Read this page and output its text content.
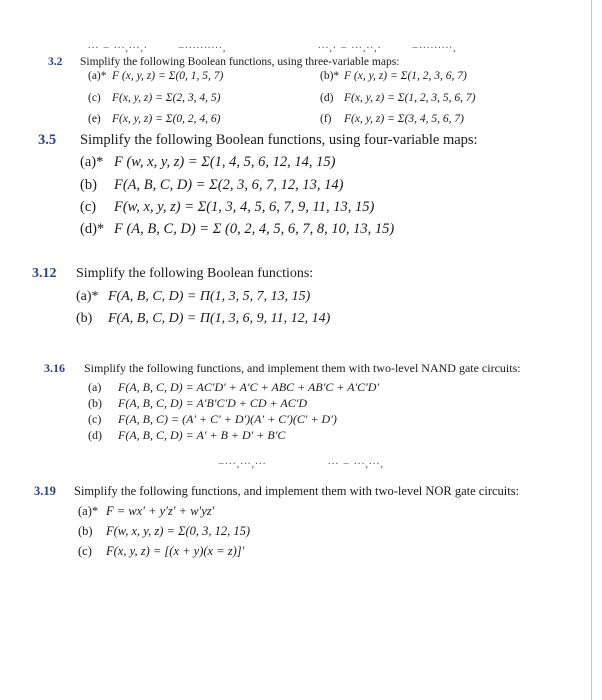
∙∙∙ − ∙∙∙,∙∙∙,∙	−∙∙∙∙∙∙∙∙∙∙,	∙∙∙,∙ − ∙∙∙,∙∙,∙	−∙∙∙∙∙∙∙∙∙,
3.2 Simplify the following Boolean functions, using three-variable maps:
(a)* F (x, y, z) = Σ(0, 1, 5, 7)	(b)* F (x, y, z) = Σ(1, 2, 3, 6, 7)
(c) F(x, y, z) = Σ(2, 3, 4, 5)	(d) F(x, y, z) = Σ(1, 2, 3, 5, 6, 7)
(e) F(x, y, z) = Σ(0, 2, 4, 6)	(f) F(x, y, z) = Σ(3, 4, 5, 6, 7)
3.5 Simplify the following Boolean functions, using four-variable maps:
(a)* F (w, x, y, z) = Σ(1, 4, 5, 6, 12, 14, 15)
(b) F(A, B, C, D) = Σ(2, 3, 6, 7, 12, 13, 14)
(c) F(w, x, y, z) = Σ(1, 3, 4, 5, 6, 7, 9, 11, 13, 15)
(d)* F (A, B, C, D) = Σ (0, 2, 4, 5, 6, 7, 8, 10, 13, 15)
3.12 Simplify the following Boolean functions:
(a)* F(A, B, C, D) = Π(1, 3, 5, 7, 13, 15)
(b) F(A, B, C, D) = Π(1, 3, 6, 9, 11, 12, 14)
3.16 Simplify the following functions, and implement them with two-level NAND gate circuits:
(a) F(A, B, C, D) = AC′D′ + A′C + ABC + AB′C + A′C′D′
(b) F(A, B, C, D) = A′B′C′D + CD + AC′D
(c) F(A, B, C) = (A′ + C′ + D′)(A′ + C′)(C′ + D′)
(d) F(A, B, C, D) = A′ + B + D′ + B′C
−∙∙∙,∙∙∙,∙∙∙	∙∙∙ − ∙∙∙,∙∙∙,
3.19 Simplify the following functions, and implement them with two-level NOR gate circuits:
(a)* F = wx′ + y′z′ + w′yz′
(b) F(w, x, y, z) = Σ(0, 3, 12, 15)
(c) F(x, y, z) = [(x + y)(x = z)]′
